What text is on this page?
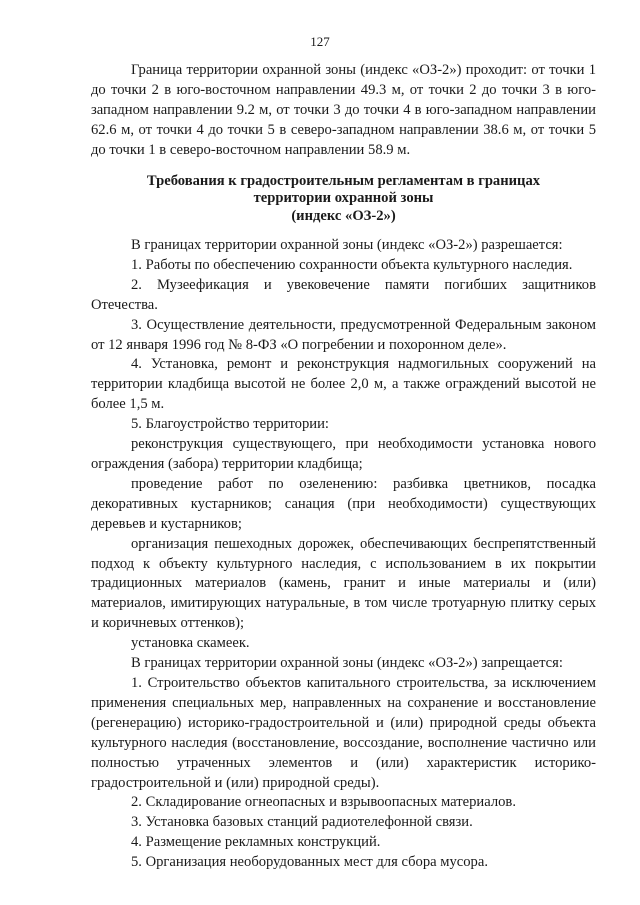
127

Граница территории охранной зоны (индекс «ОЗ-2») проходит: от точки 1 до точки 2 в юго-восточном направлении 49.3 м, от точки 2 до точки 3 в юго-западном направлении 9.2 м, от точки 3 до точки 4 в юго-западном направлении 62.6 м, от точки 4 до точки 5 в северо-западном направлении 38.6 м, от точки 5 до точки 1 в северо-восточном направлении 58.9 м.

Требования к градостроительным регламентам в границах
территории охранной зоны
(индекс «ОЗ-2»)

В границах территории охранной зоны (индекс «ОЗ-2») разрешается:

1. Работы по обеспечению сохранности объекта культурного наследия.

2. Музеефикация и увековечение памяти погибших защитников Отечества.

3. Осуществление деятельности, предусмотренной Федеральным законом от 12 января 1996 год № 8-ФЗ «О погребении и похоронном деле».

4. Установка, ремонт и реконструкция надмогильных сооружений на территории кладбища высотой не более 2,0 м, а также ограждений высотой не более 1,5 м.

5. Благоустройство территории:

реконструкция существующего, при необходимости установка нового ограждения (забора) территории кладбища;

проведение работ по озеленению: разбивка цветников, посадка декоративных кустарников; санация (при необходимости) существующих деревьев и кустарников;

организация пешеходных дорожек, обеспечивающих беспрепятственный подход к объекту культурного наследия, с использованием в их покрытии традиционных материалов (камень, гранит и иные материалы и (или) материалов, имитирующих натуральные, в том числе тротуарную плитку серых и коричневых оттенков);

установка скамеек.

В границах территории охранной зоны (индекс «ОЗ-2») запрещается:

1. Строительство объектов капитального строительства, за исключением применения специальных мер, направленных на сохранение и восстановление (регенерацию) историко-градостроительной и (или) природной среды объекта культурного наследия (восстановление, воссоздание, восполнение частично или полностью утраченных элементов и (или) характеристик историко-градостроительной и (или) природной среды).

2. Складирование огнеопасных и взрывоопасных материалов.

3. Установка базовых станций радиотелефонной связи.

4. Размещение рекламных конструкций.

5. Организация необорудованных мест для сбора мусора.
